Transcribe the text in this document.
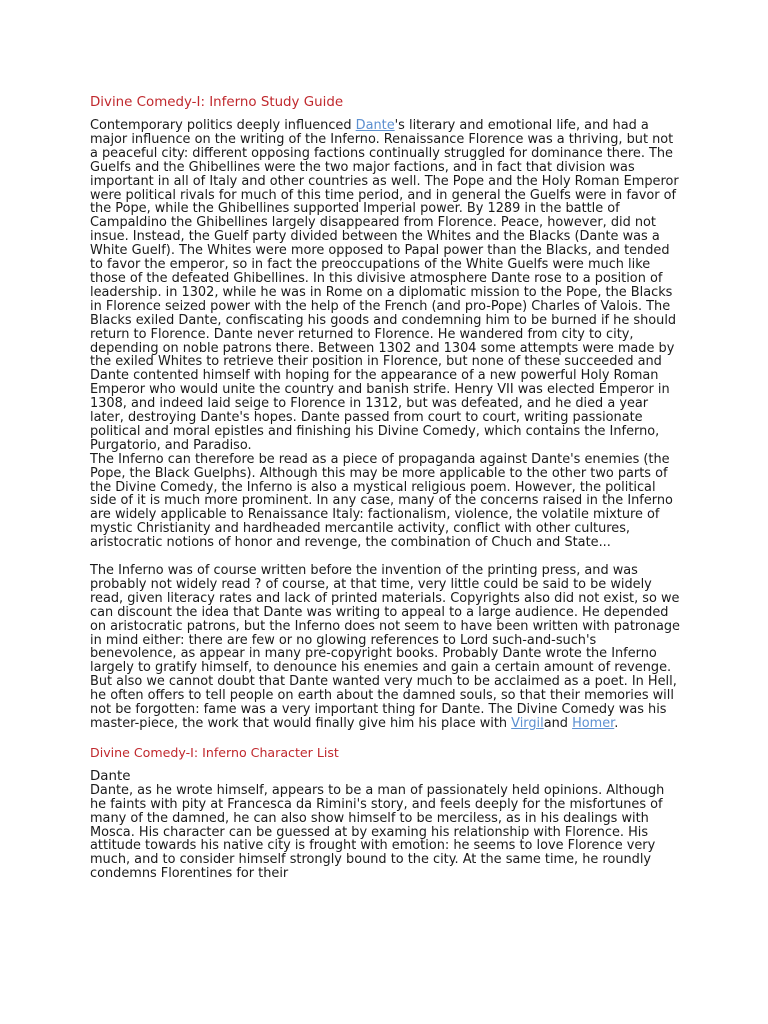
Divine Comedy-I: Inferno Study Guide

Contemporary politics deeply influenced Dante's literary and emotional life, and had a major influence on the writing of the Inferno. Renaissance Florence was a thriving, but not a peaceful city: different opposing factions continually struggled for dominance there. The Guelfs and the Ghibellines were the two major factions, and in fact that division was important in all of Italy and other countries as well. The Pope and the Holy Roman Emperor were political rivals for much of this time period, and in general the Guelfs were in favor of the Pope, while the Ghibellines supported Imperial power. By 1289 in the battle of Campaldino the Ghibellines largely disappeared from Florence. Peace, however, did not insue. Instead, the Guelf party divided between the Whites and the Blacks (Dante was a White Guelf). The Whites were more opposed to Papal power than the Blacks, and tended to favor the emperor, so in fact the preoccupations of the White Guelfs were much like those of the defeated Ghibellines. In this divisive atmosphere Dante rose to a position of leadership. in 1302, while he was in Rome on a diplomatic mission to the Pope, the Blacks in Florence seized power with the help of the French (and pro-Pope) Charles of Valois. The Blacks exiled Dante, confiscating his goods and condemning him to be burned if he should return to Florence. Dante never returned to Florence. He wandered from city to city, depending on noble patrons there. Between 1302 and 1304 some attempts were made by the exiled Whites to retrieve their position in Florence, but none of these succeeded and Dante contented himself with hoping for the appearance of a new powerful Holy Roman Emperor who would unite the country and banish strife. Henry VII was elected Emperor in 1308, and indeed laid seige to Florence in 1312, but was defeated, and he died a year later, destroying Dante's hopes. Dante passed from court to court, writing passionate political and moral epistles and finishing his Divine Comedy, which contains the Inferno, Purgatorio, and Paradiso.

The Inferno can therefore be read as a piece of propaganda against Dante's enemies (the Pope, the Black Guelphs). Although this may be more applicable to the other two parts of the Divine Comedy, the Inferno is also a mystical religious poem. However, the political side of it is much more prominent. In any case, many of the concerns raised in the Inferno are widely applicable to Renaissance Italy: factionalism, violence, the volatile mixture of mystic Christianity and hardheaded mercantile activity, conflict with other cultures, aristocratic notions of honor and revenge, the combination of Chuch and State...

The Inferno was of course written before the invention of the printing press, and was probably not widely read ? of course, at that time, very little could be said to be widely read, given literacy rates and lack of printed materials. Copyrights also did not exist, so we can discount the idea that Dante was writing to appeal to a large audience. He depended on aristocratic patrons, but the Inferno does not seem to have been written with patronage in mind either: there are few or no glowing references to Lord such-and-such's benevolence, as appear in many pre-copyright books. Probably Dante wrote the Inferno largely to gratify himself, to denounce his enemies and gain a certain amount of revenge. But also we cannot doubt that Dante wanted very much to be acclaimed as a poet. In Hell, he often offers to tell people on earth about the damned souls, so that their memories will not be forgotten: fame was a very important thing for Dante. The Divine Comedy was his master-piece, the work that would finally give him his place with Virgiland Homer.

Divine Comedy-I: Inferno Character List
Dante

Dante, as he wrote himself, appears to be a man of passionately held opinions. Although he faints with pity at Francesca da Rimini's story, and feels deeply for the misfortunes of many of the damned, he can also show himself to be merciless, as in his dealings with Mosca. His character can be guessed at by examing his relationship with Florence. His attitude towards his native city is frought with emotion: he seems to love Florence very much, and to consider himself strongly bound to the city. At the same time, he roundly condemns Florentines for their
